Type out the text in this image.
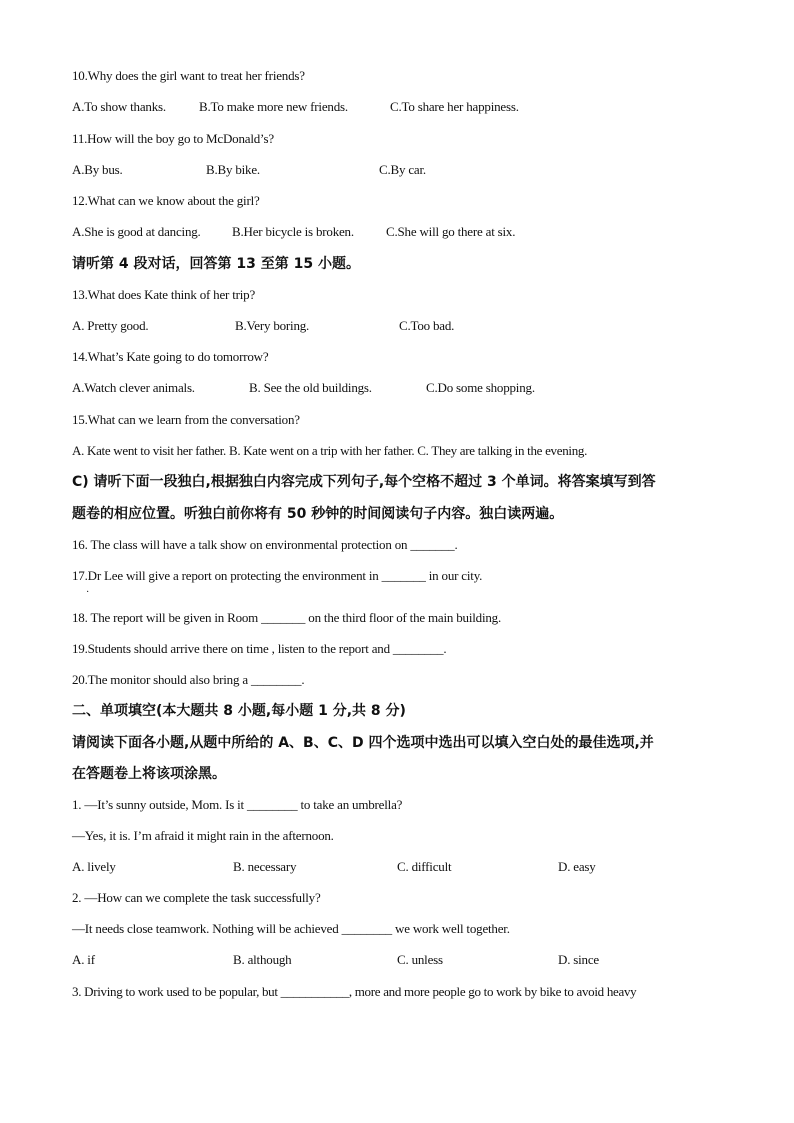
10.Why does the girl want to treat her friends?
A.To show thanks.	B.To make more new friends.	C.To share her happiness.
11.How will the boy go to McDonald’s?
A.By bus.	B.By bike.	C.By car.
12.What can we know about the girl?
A.She is good at dancing. B.Her bicycle is broken. C.She will go there at six.
请听第 4 段对话，回答第 13 至第 15 小题。
13.What does Kate think of her trip?
A. Pretty good.	B.Very boring.	C.Too bad.
14.What’s Kate going to do tomorrow?
A.Watch clever animals.	B. See the old buildings.	C.Do some shopping.
15.What can we learn from the conversation?
A. Kate went to visit her father. B. Kate went on a trip with her father. C. They are talking in the evening.
C) 请听下面一段独白,根据独白内容完成下列句子,每个空格不超过 3 个单词。将答案填写到答
题卷的相应位置。听独白前你将有 50 秒钟的时间阅读句子内容。独白读两遍。
16. The class will have a talk show on environmental protection on _______.
17.Dr Lee will give a report on protecting the environment in _______ in our city.
·
18. The report will be given in Room _______ on the third floor of the main building.
19.Students should arrive there on time , listen to the report and ________.
20.The monitor should also bring a ________.
二、单项填空(本大题共 8 小题,每小题 1 分,共 8 分)
请阅读下面各小题,从题中所给的 A、B、C、D 四个选项中选出可以填入空白处的最佳选项,并
在答题卷上将该项涂黑。
1. —It’s sunny outside, Mom. Is it ________ to take an umbrella?
—Yes, it is. I’m afraid it might rain in the afternoon.
A. lively	B. necessary	C. difficult	D. easy
2. —How can we complete the task successfully?
—It needs close teamwork. Nothing will be achieved ________ we work well together.
A. if	B. although	C. unless	D. since
3. Driving to work used to be popular, but ___________, more and more people go to work by bike to avoid heavy
